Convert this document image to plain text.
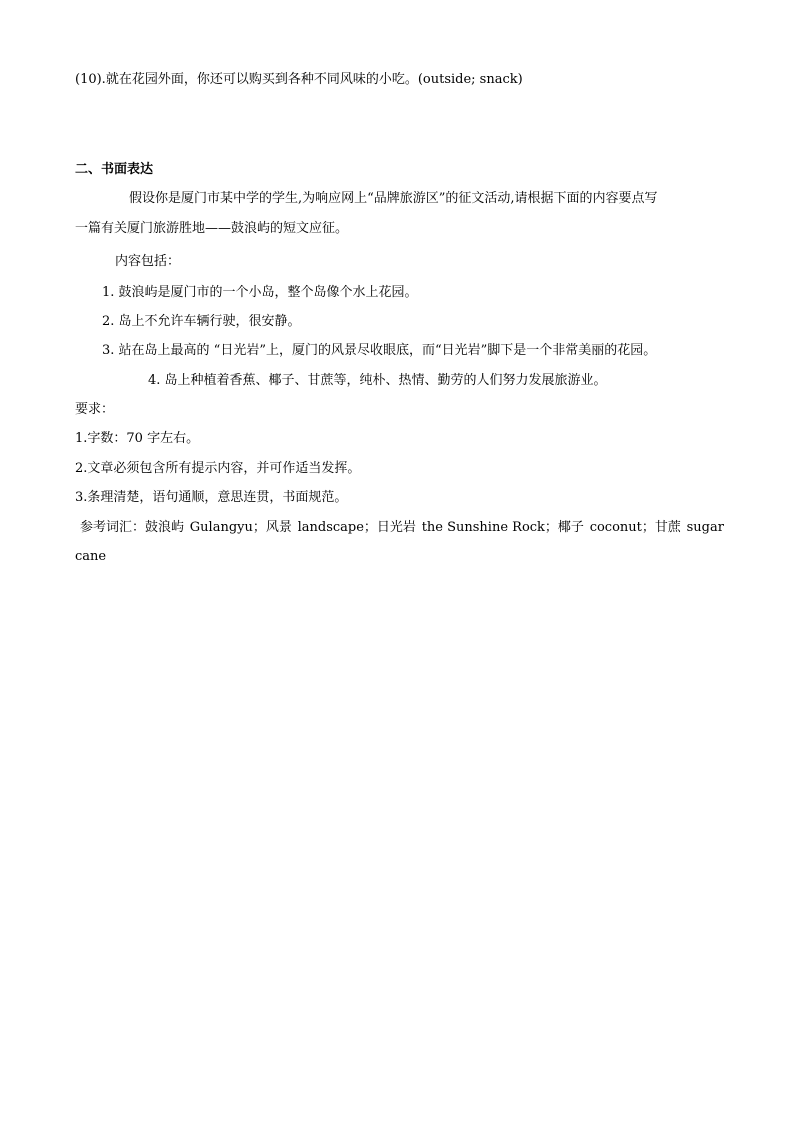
(10).就在花园外面，你还可以购买到各种不同风味的小吃。(outside; snack)
二、书面表达
假设你是厦门市某中学的学生,为响应网上“品牌旅游区”的征文活动,请根据下面的内容要点写
一篇有关厦门旅游胜地——鼓浪屿的短文应征。
内容包括：
1. 鼓浪屿是厦门市的一个小岛，整个岛像个水上花园。
2. 岛上不允许车辆行驶，很安静。
3. 站在岛上最高的 “日光岩”上，厦门的风景尽收眼底，而“日光岩”脚下是一个非常美丽的花园。
4. 岛上种植着香蕉、椰子、甘蔗等，纯朴、热情、勤劳的人们努力发展旅游业。
要求：
1.字数：70 字左右。
2.文章必须包含所有提示内容，并可作适当发挥。
3.条理清楚，语句通顺，意思连贯，书面规范。
参考词汇：鼓浪屿 Gulangyu；风景 landscape；日光岩 the Sunshine Rock；椰子 coconut；甘蔗 sugar
cane
